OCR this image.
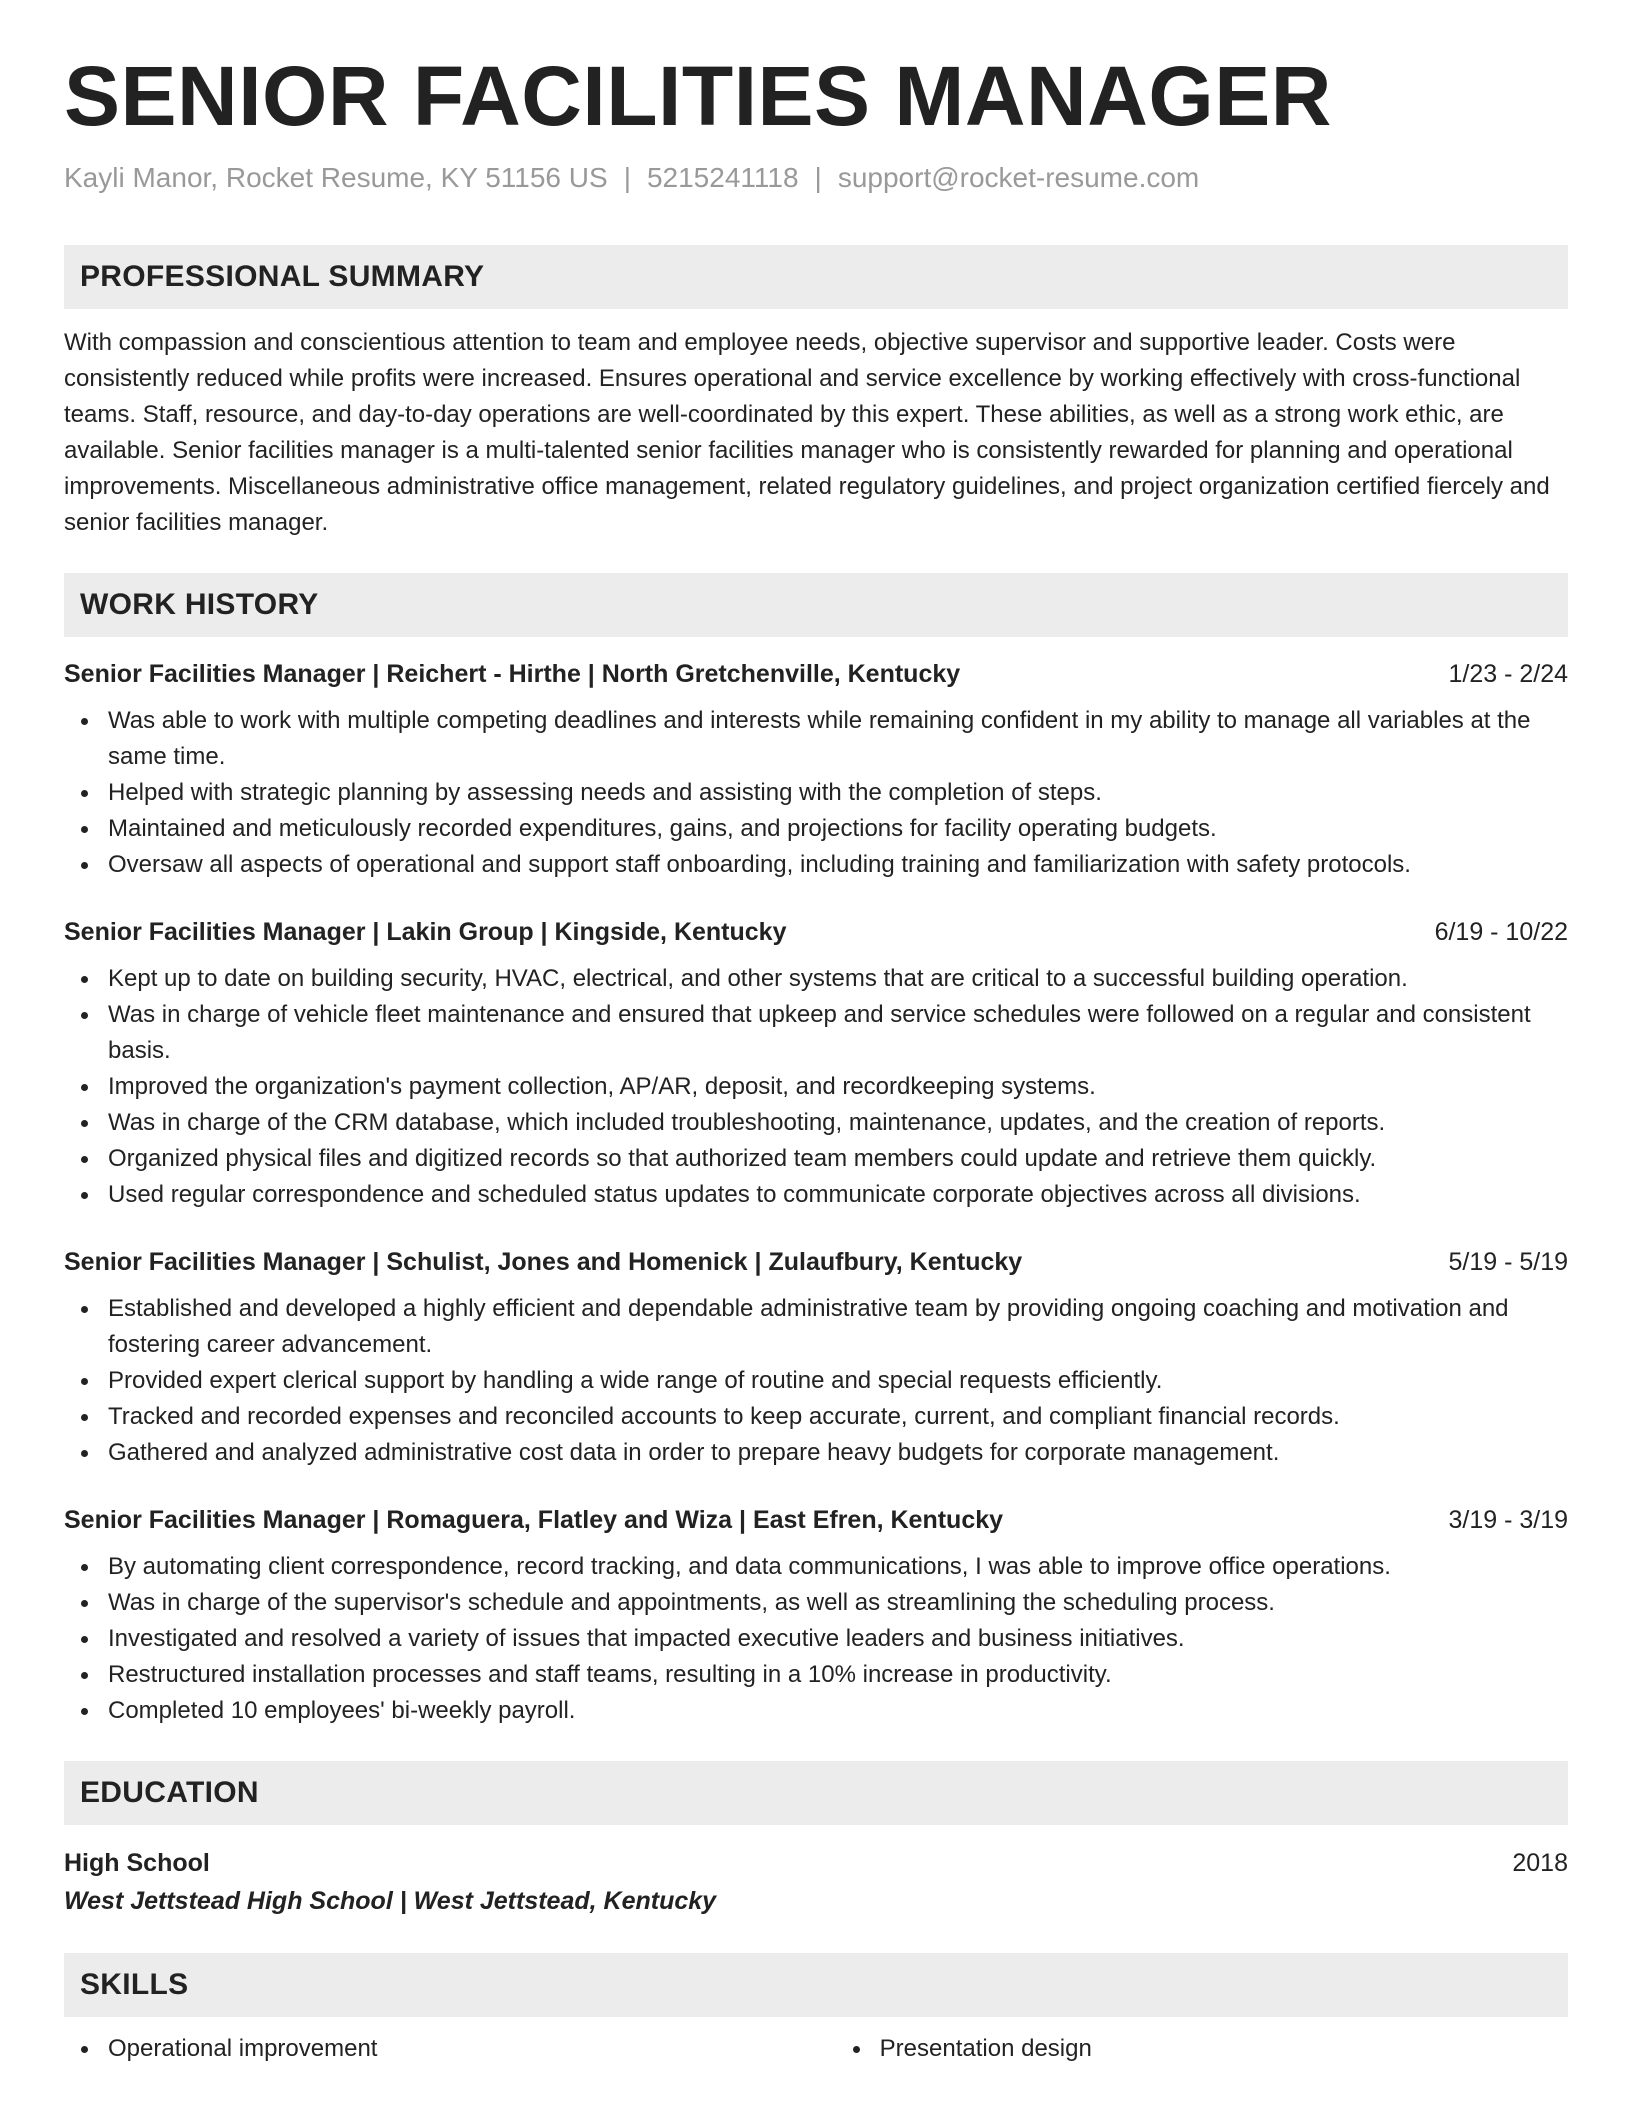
SENIOR FACILITIES MANAGER
Kayli Manor, Rocket Resume, KY 51156 US | 5215241118 | support@rocket-resume.com
PROFESSIONAL SUMMARY
With compassion and conscientious attention to team and employee needs, objective supervisor and supportive leader. Costs were consistently reduced while profits were increased. Ensures operational and service excellence by working effectively with cross-functional teams. Staff, resource, and day-to-day operations are well-coordinated by this expert. These abilities, as well as a strong work ethic, are available. Senior facilities manager is a multi-talented senior facilities manager who is consistently rewarded for planning and operational improvements. Miscellaneous administrative office management, related regulatory guidelines, and project organization certified fiercely and senior facilities manager.
WORK HISTORY
Senior Facilities Manager | Reichert - Hirthe | North Gretchenville, Kentucky	1/23 - 2/24
Was able to work with multiple competing deadlines and interests while remaining confident in my ability to manage all variables at the same time.
Helped with strategic planning by assessing needs and assisting with the completion of steps.
Maintained and meticulously recorded expenditures, gains, and projections for facility operating budgets.
Oversaw all aspects of operational and support staff onboarding, including training and familiarization with safety protocols.
Senior Facilities Manager | Lakin Group | Kingside, Kentucky	6/19 - 10/22
Kept up to date on building security, HVAC, electrical, and other systems that are critical to a successful building operation.
Was in charge of vehicle fleet maintenance and ensured that upkeep and service schedules were followed on a regular and consistent basis.
Improved the organization's payment collection, AP/AR, deposit, and recordkeeping systems.
Was in charge of the CRM database, which included troubleshooting, maintenance, updates, and the creation of reports.
Organized physical files and digitized records so that authorized team members could update and retrieve them quickly.
Used regular correspondence and scheduled status updates to communicate corporate objectives across all divisions.
Senior Facilities Manager | Schulist, Jones and Homenick | Zulaufbury, Kentucky	5/19 - 5/19
Established and developed a highly efficient and dependable administrative team by providing ongoing coaching and motivation and fostering career advancement.
Provided expert clerical support by handling a wide range of routine and special requests efficiently.
Tracked and recorded expenses and reconciled accounts to keep accurate, current, and compliant financial records.
Gathered and analyzed administrative cost data in order to prepare heavy budgets for corporate management.
Senior Facilities Manager | Romaguera, Flatley and Wiza | East Efren, Kentucky	3/19 - 3/19
By automating client correspondence, record tracking, and data communications, I was able to improve office operations.
Was in charge of the supervisor's schedule and appointments, as well as streamlining the scheduling process.
Investigated and resolved a variety of issues that impacted executive leaders and business initiatives.
Restructured installation processes and staff teams, resulting in a 10% increase in productivity.
Completed 10 employees' bi-weekly payroll.
EDUCATION
High School	2018
West Jettstead High School | West Jettstead, Kentucky
SKILLS
Operational improvement	Presentation design
